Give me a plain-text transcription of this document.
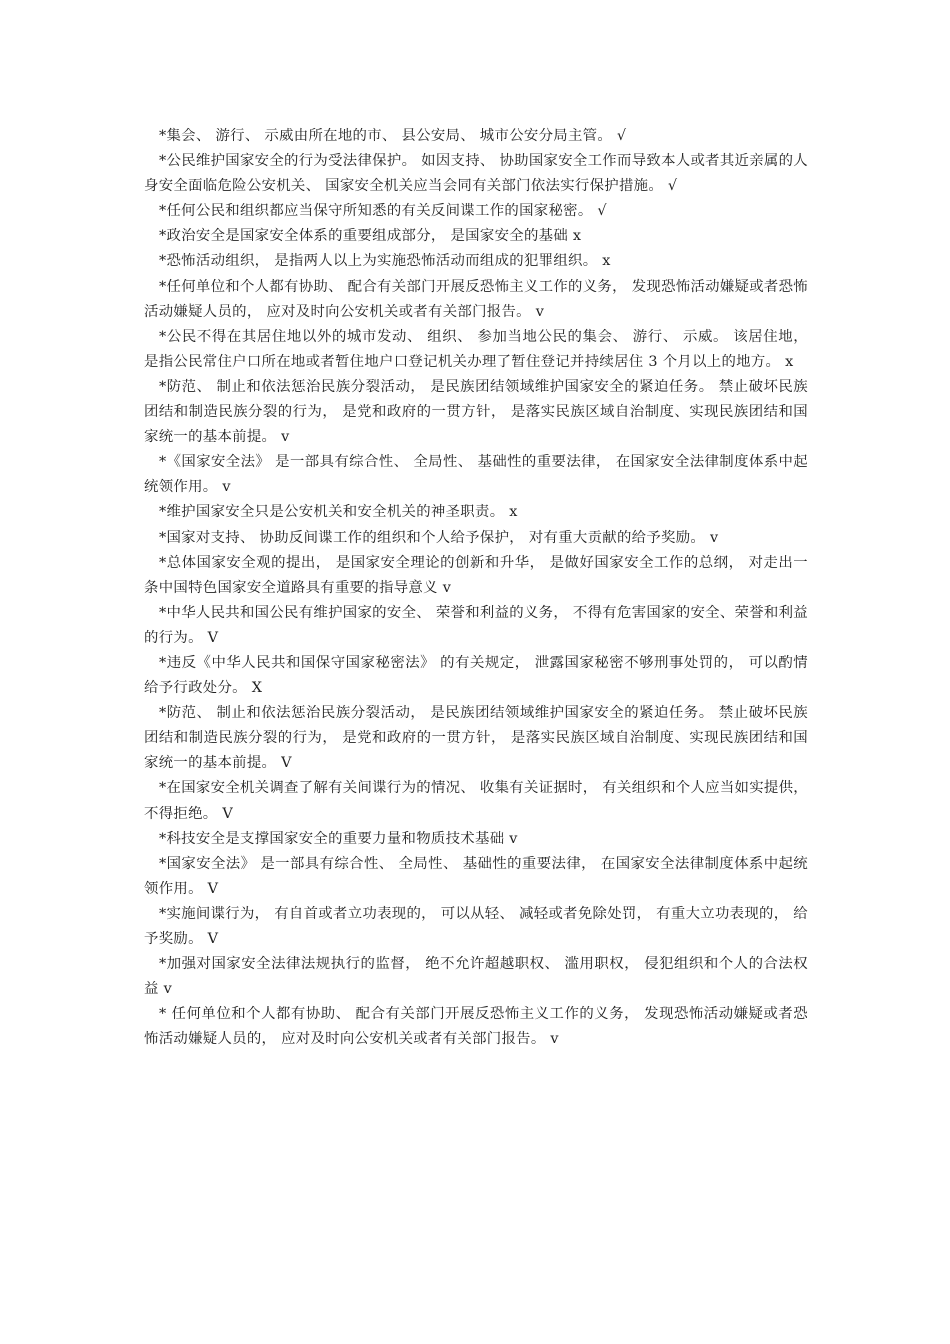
*集会、 游行、 示威由所在地的市、 县公安局、 城市公安分局主管。 √

*公民维护国家安全的行为受法律保护。 如因支持、 协助国家安全工作而导致本人或者其近亲属的人身安全面临危险公安机关、 国家安全机关应当会同有关部门依法实行保护措施。 √

*任何公民和组织都应当保守所知悉的有关反间谍工作的国家秘密。 √

*政治安全是国家安全体系的重要组成部分， 是国家安全的基础 x

*恐怖活动组织， 是指两人以上为实施恐怖活动而组成的犯罪组织。 x

*任何单位和个人都有协助、 配合有关部门开展反恐怖主义工作的义务， 发现恐怖活动嫌疑或者恐怖活动嫌疑人员的， 应对及时向公安机关或者有关部门报告。 v

*公民不得在其居住地以外的城市发动、 组织、 参加当地公民的集会、 游行、 示威。 该居住地， 是指公民常住户口所在地或者暂住地户口登记机关办理了暂住登记并持续居住 3 个月以上的地方。 x

*防范、 制止和依法惩治民族分裂活动， 是民族团结领域维护国家安全的紧迫任务。 禁止破坏民族团结和制造民族分裂的行为， 是党和政府的一贯方针， 是落实民族区域自治制度、实现民族团结和国家统一的基本前提。 v

*《国家安全法》 是一部具有综合性、 全局性、 基础性的重要法律， 在国家安全法律制度体系中起统领作用。 v

*维护国家安全只是公安机关和安全机关的神圣职责。 x

*国家对支持、 协助反间谍工作的组织和个人给予保护， 对有重大贡献的给予奖励。 v

*总体国家安全观的提出， 是国家安全理论的创新和升华， 是做好国家安全工作的总纲， 对走出一条中国特色国家安全道路具有重要的指导意义 v

*中华人民共和国公民有维护国家的安全、 荣誉和利益的义务， 不得有危害国家的安全、荣誉和利益的行为。 V

*违反《中华人民共和国保守国家秘密法》 的有关规定， 泄露国家秘密不够刑事处罚的， 可以酌情给予行政处分。 X

*防范、 制止和依法惩治民族分裂活动， 是民族团结领域维护国家安全的紧迫任务。 禁止破坏民族团结和制造民族分裂的行为， 是党和政府的一贯方针， 是落实民族区域自治制度、实现民族团结和国家统一的基本前提。 V

*在国家安全机关调查了解有关间谍行为的情况、 收集有关证据时， 有关组织和个人应当如实提供， 不得拒绝。 V

*科技安全是支撑国家安全的重要力量和物质技术基础 v

*国家安全法》 是一部具有综合性、 全局性、 基础性的重要法律， 在国家安全法律制度体系中起统领作用。 V

*实施间谍行为， 有自首或者立功表现的， 可以从轻、 减轻或者免除处罚， 有重大立功表现的， 给予奖励。 V

*加强对国家安全法律法规执行的监督， 绝不允许超越职权、 滥用职权， 侵犯组织和个人的合法权益 v

* 任何单位和个人都有协助、 配合有关部门开展反恐怖主义工作的义务， 发现恐怖活动嫌疑或者恐怖活动嫌疑人员的， 应对及时向公安机关或者有关部门报告。 v
